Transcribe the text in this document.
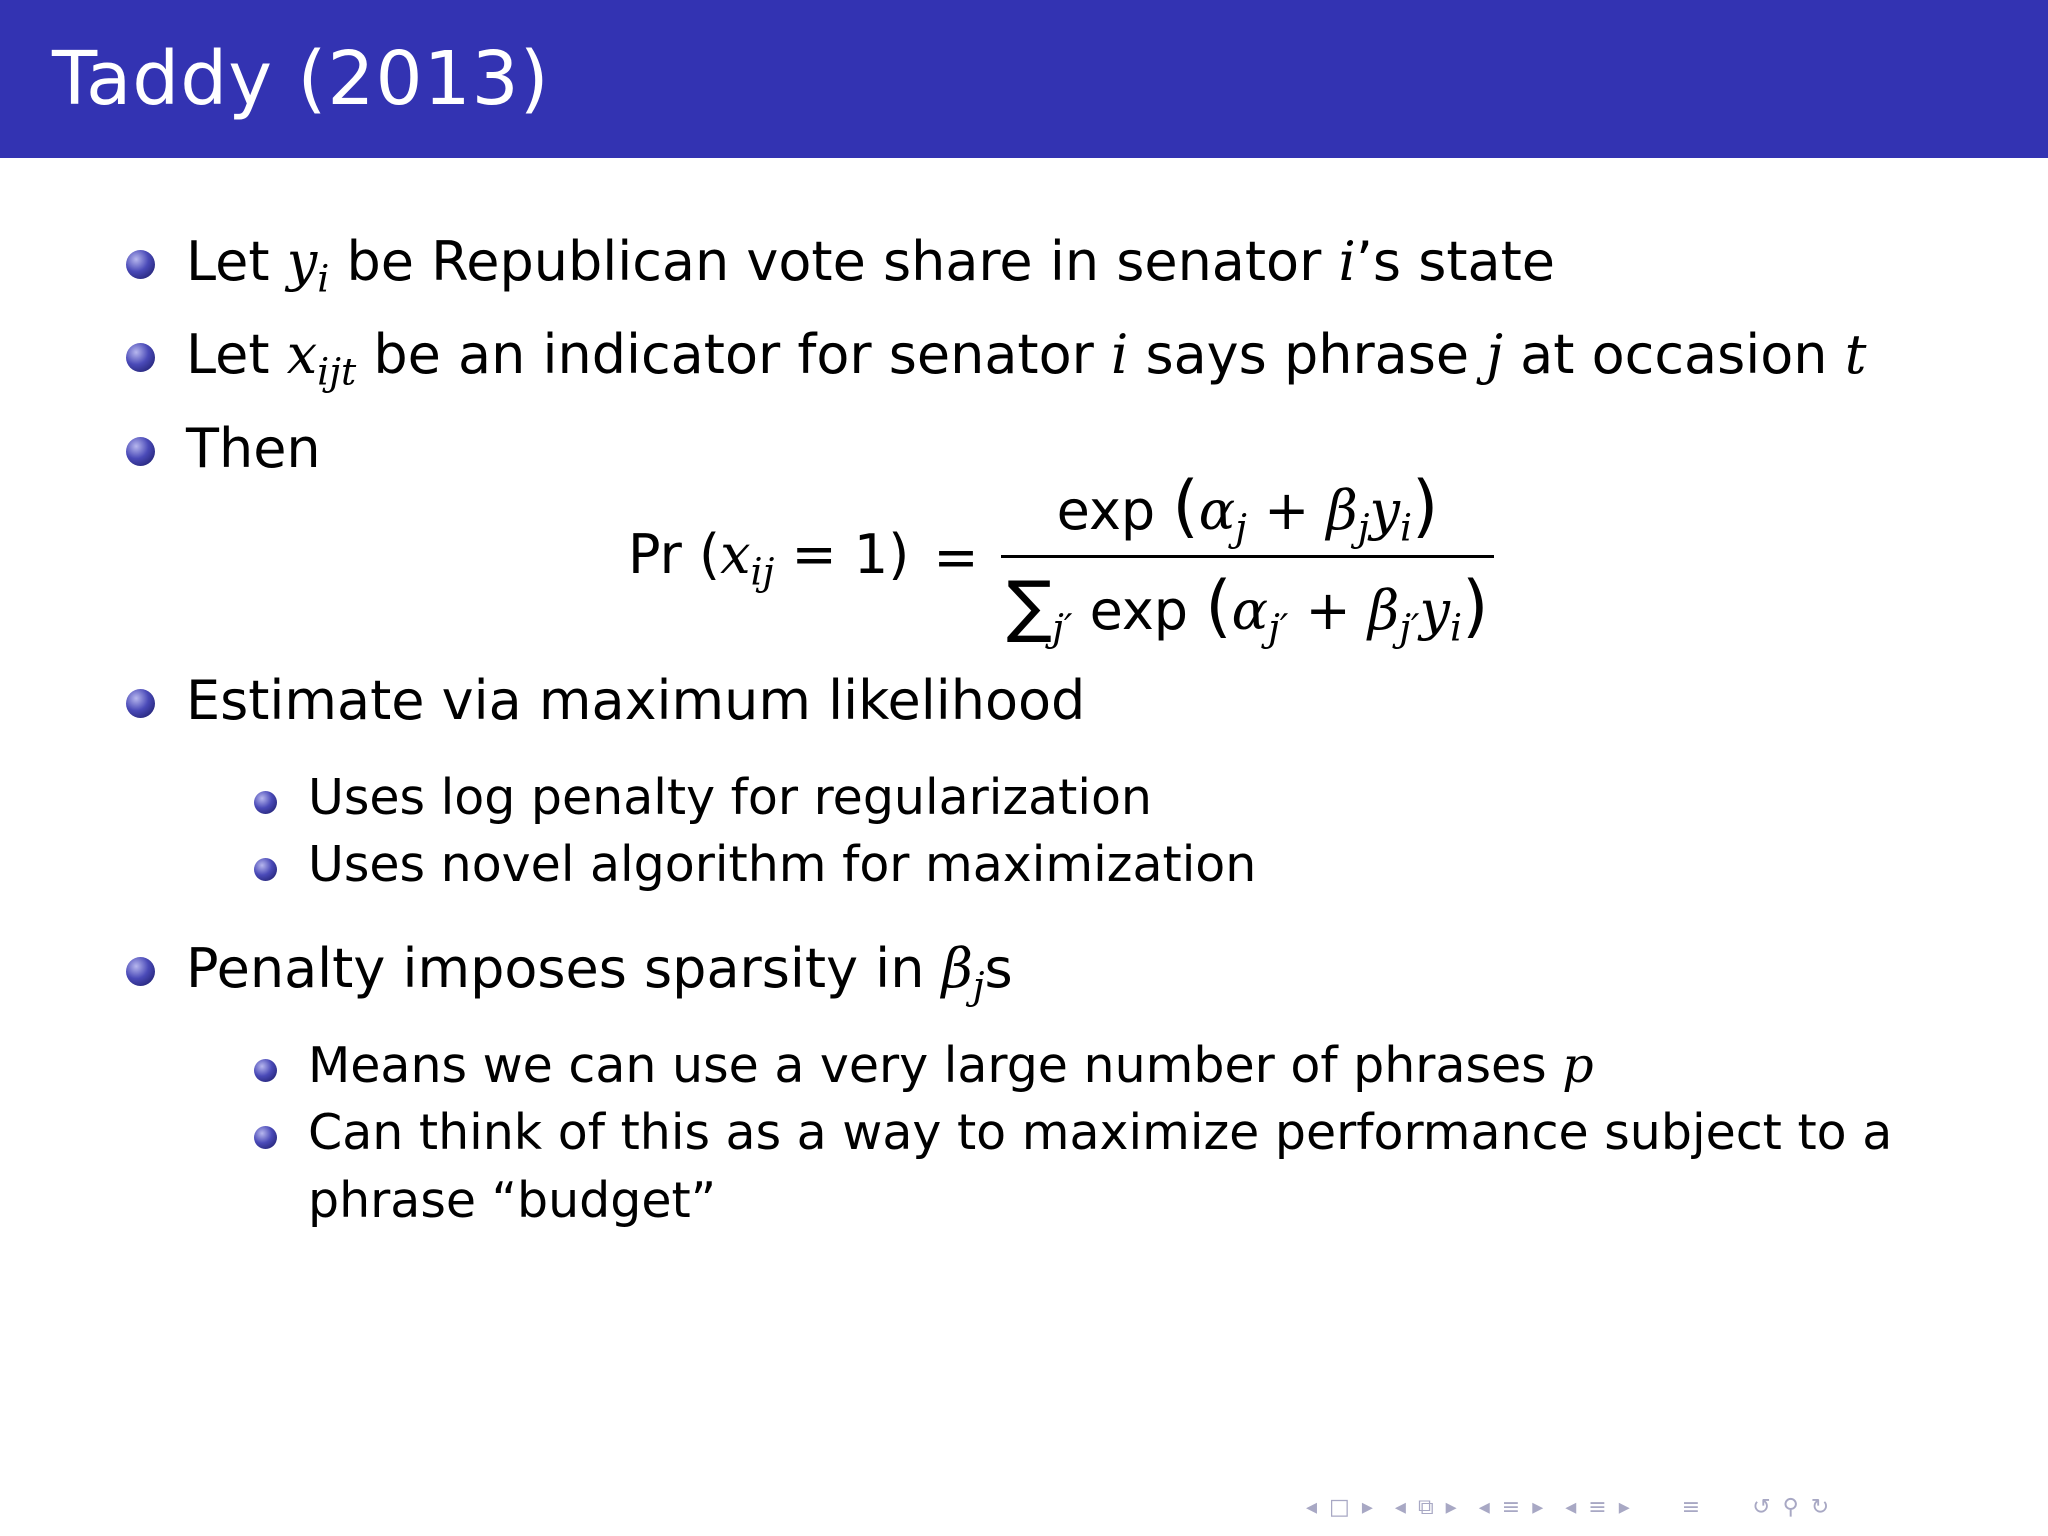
Taddy (2013)
Let $y_i$ be Republican vote share in senator i’s state
Let $x_{ijt}$ be an indicator for senator i says phrase j at occasion t
Then
Pr $(x_{ij} = 1) = \frac{\exp (\alpha_j + \beta_jy_i)}{\sum_{j'} \exp (\alpha_{j'} + \beta_{j'}y_i)}$
Estimate via maximum likelihood
Uses log penalty for regularization
Uses novel algorithm for maximization
Penalty imposes sparsity in $\beta_js$
Means we can use a very large number of phrases p
Can think of this as a way to maximize performance subject to a
phrase “budget”
◂ □ ▸ ◂ ⧉ ▸ ◂ ≡ ▸ ◂ ≡ ▸ ≡ ↺ ⚲ ↻
